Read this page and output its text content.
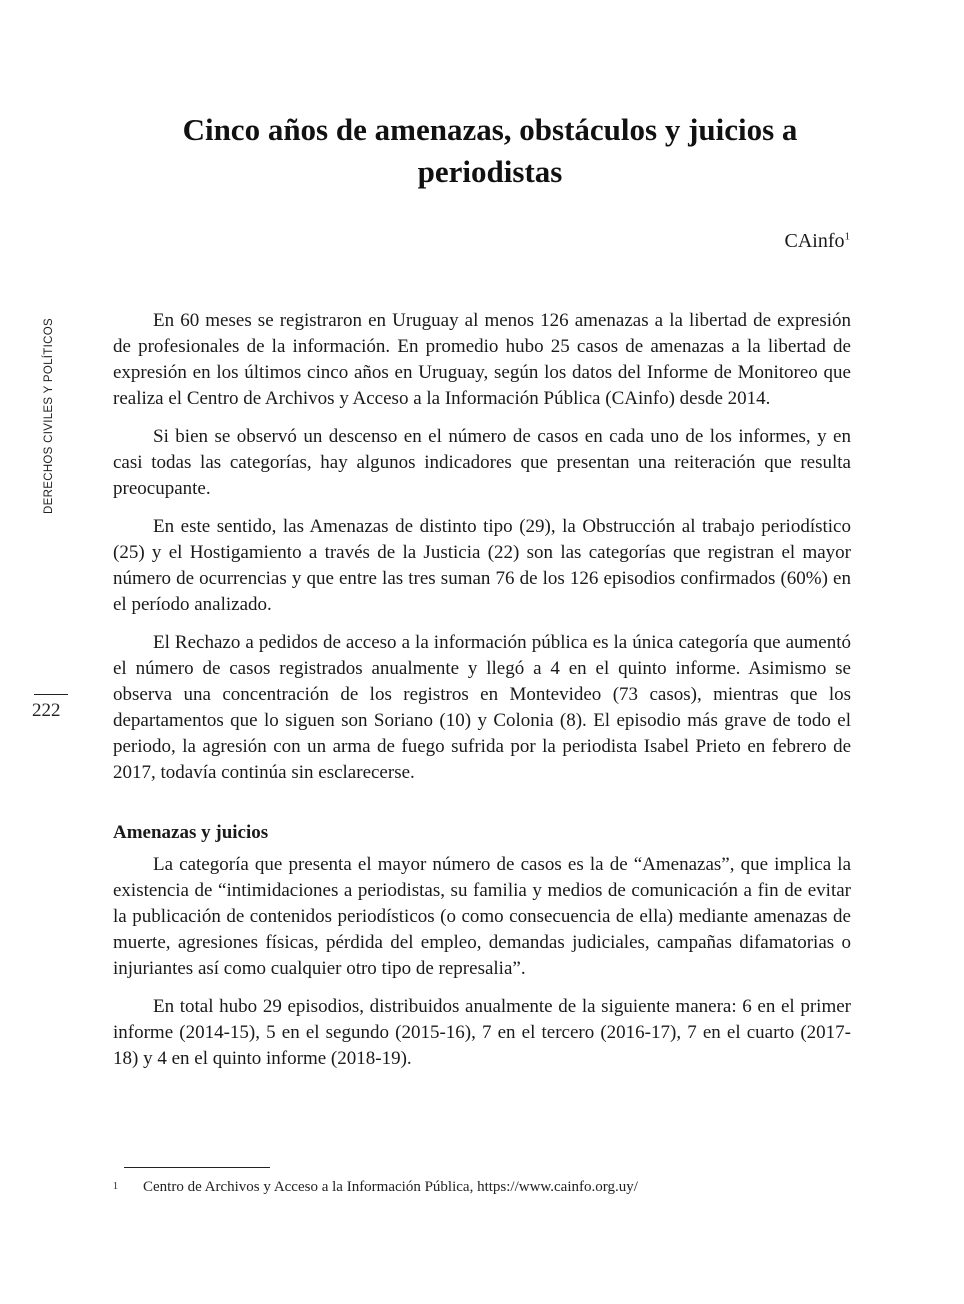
DERECHOS CIVILES Y POLÍTICOS
222
Cinco años de amenazas, obstáculos y juicios a periodistas
CAinfo$^1$

En 60 meses se registraron en Uruguay al menos 126 amenazas a la libertad de expresión de profesionales de la información. En promedio hubo 25 casos de amenazas a la libertad de expresión en los últimos cinco años en Uruguay, según los datos del Informe de Monitoreo que realiza el Centro de Archivos y Acceso a la Información Pública (CAinfo) desde 2014.

Si bien se observó un descenso en el número de casos en cada uno de los informes, y en casi todas las categorías, hay algunos indicadores que presentan una reiteración que resulta preocupante.

En este sentido, las Amenazas de distinto tipo (29), la Obstrucción al trabajo periodístico (25) y el Hostigamiento a través de la Justicia (22) son las categorías que registran el mayor número de ocurrencias y que entre las tres suman 76 de los 126 episodios confirmados (60%) en el período analizado.

El Rechazo a pedidos de acceso a la información pública es la única categoría que aumentó el número de casos registrados anualmente y llegó a 4 en el quinto informe. Asimismo se observa una concentración de los registros en Montevideo (73 casos), mientras que los departamentos que lo siguen son Soriano (10) y Colonia (8). El episodio más grave de todo el periodo, la agresión con un arma de fuego sufrida por la periodista Isabel Prieto en febrero de 2017, todavía continúa sin esclarecerse.

Amenazas y juicios

La categoría que presenta el mayor número de casos es la de “Amenazas”, que implica la existencia de “intimidaciones a periodistas, su familia y medios de comunicación a fin de evitar la publicación de contenidos periodísticos (o como consecuencia de ella) mediante amenazas de muerte, agresiones físicas, pérdida del empleo, demandas judiciales, campañas difamatorias o injuriantes así como cualquier otro tipo de represalia”.

En total hubo 29 episodios, distribuidos anualmente de la siguiente manera: 6 en el primer informe (2014-15), 5 en el segundo (2015-16), 7 en el tercero (2016-17), 7 en el cuarto (2017-18) y 4 en el quinto informe (2018-19).

1 Centro de Archivos y Acceso a la Información Pública, https://www.cainfo.org.uy/
